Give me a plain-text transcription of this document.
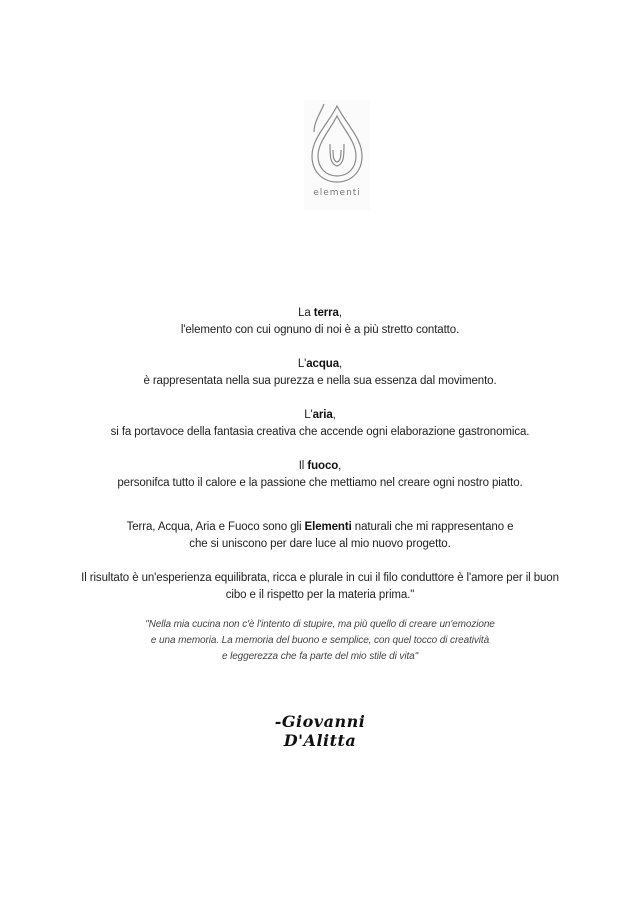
elementi
La terra,
l'elemento con cui ognuno di noi è a più stretto contatto.
L'acqua,
è rappresentata nella sua purezza e nella sua essenza dal movimento.
L'aria,
si fa portavoce della fantasia creativa che accende ogni elaborazione gastronomica.
Il fuoco,
personifca tutto il calore e la passione che mettiamo nel creare ogni nostro piatto.
Terra, Acqua, Aria e Fuoco sono gli Elementi naturali che mi rappresentano e
che si uniscono per dare luce al mio nuovo progetto.
Il risultato è un'esperienza equilibrata, ricca e plurale in cui il filo conduttore è l'amore per il buon
cibo e il rispetto per la materia prima."
"Nella mia cucina non c'è l'intento di stupire, ma più quello di creare un'emozione
e una memoria. La memoria del buono e semplice, con quel tocco di creatività
e leggerezza che fa parte del mio stile di vita"
-Giovanni D'Alitta
